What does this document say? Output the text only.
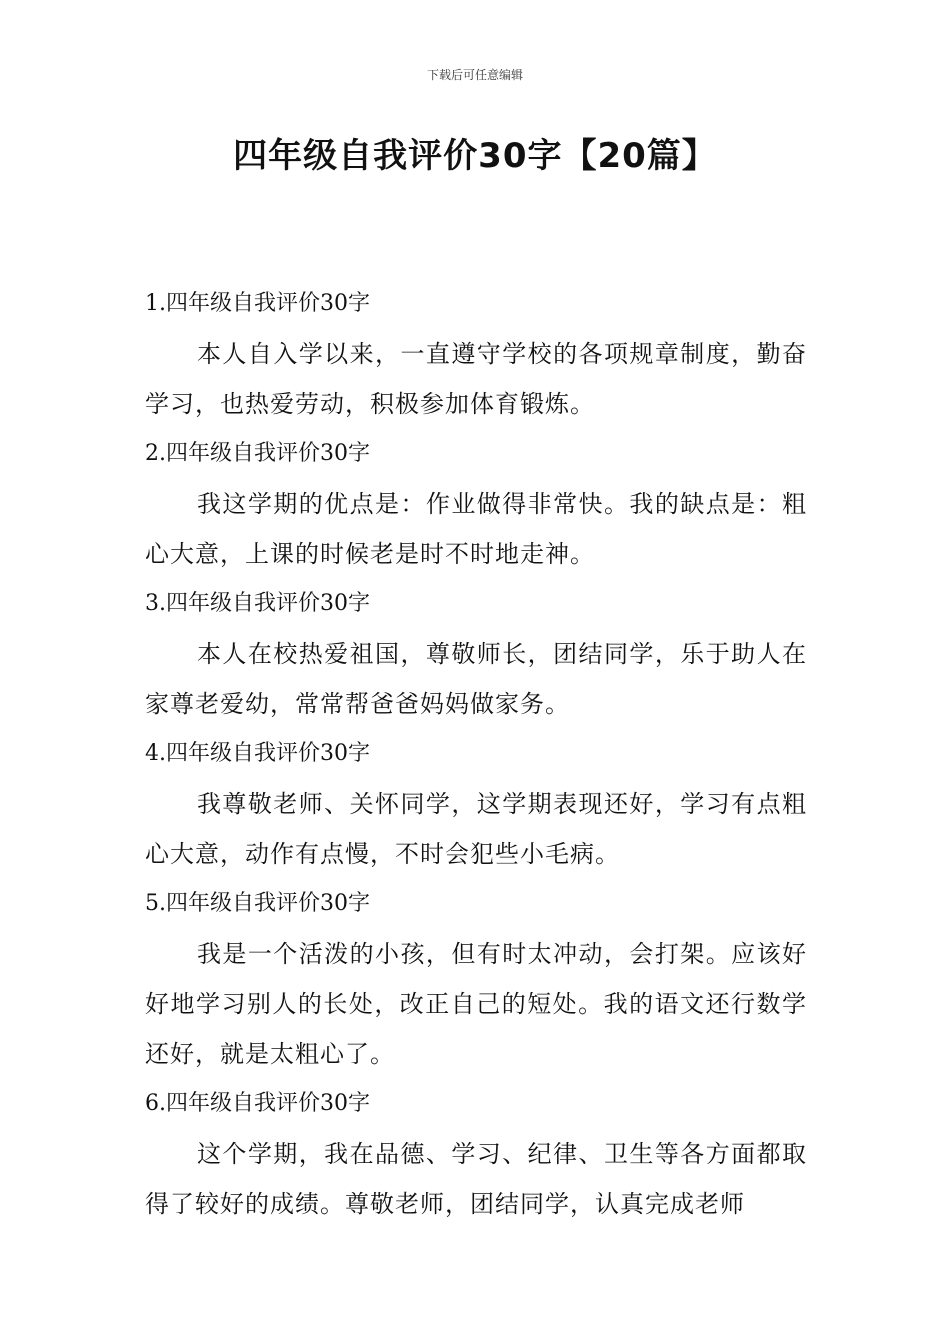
下载后可任意编辑
四年级自我评价30字【20篇】

1.四年级自我评价30字

本人自入学以来，一直遵守学校的各项规章制度，勤奋学习，也热爱劳动，积极参加体育锻炼。

2.四年级自我评价30字

我这学期的优点是：作业做得非常快。我的缺点是：粗心大意，上课的时候老是时不时地走神。

3.四年级自我评价30字

本人在校热爱祖国，尊敬师长，团结同学，乐于助人在家尊老爱幼，常常帮爸爸妈妈做家务。

4.四年级自我评价30字

我尊敬老师、关怀同学，这学期表现还好，学习有点粗心大意，动作有点慢，不时会犯些小毛病。

5.四年级自我评价30字

我是一个活泼的小孩，但有时太冲动，会打架。应该好好地学习别人的长处，改正自己的短处。我的语文还行数学还好，就是太粗心了。

6.四年级自我评价30字

这个学期，我在品德、学习、纪律、卫生等各方面都取得了较好的成绩。尊敬老师，团结同学，认真完成老师
